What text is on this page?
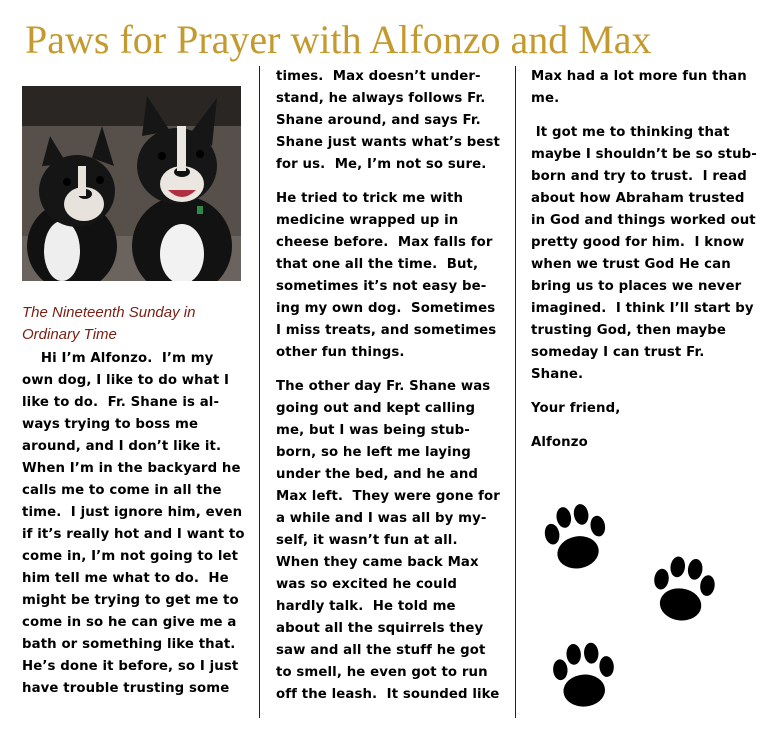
Paws for Prayer with Alfonzo and Max
The Nineteenth Sunday in
Ordinary Time

Hi I’m Alfonzo.  I’m my
own dog, I like to do what I
like to do.  Fr. Shane is al-
ways trying to boss me
around, and I don’t like it.
When I’m in the backyard he
calls me to come in all the
time.  I just ignore him, even
if it’s really hot and I want to
come in, I’m not going to let
him tell me what to do.  He
might be trying to get me to
come in so he can give me a
bath or something like that.
He’s done it before, so I just
have trouble trusting some

times.  Max doesn’t under-
stand, he always follows Fr.
Shane around, and says Fr.
Shane just wants what’s best
for us.  Me, I’m not so sure.

He tried to trick me with
medicine wrapped up in
cheese before.  Max falls for
that one all the time.  But,
sometimes it’s not easy be-
ing my own dog.  Sometimes
I miss treats, and sometimes
other fun things.

The other day Fr. Shane was
going out and kept calling
me, but I was being stub-
born, so he left me laying
under the bed, and he and
Max left.  They were gone for
a while and I was all by my-
self, it wasn’t fun at all.
When they came back Max
was so excited he could
hardly talk.  He told me
about all the squirrels they
saw and all the stuff he got
to smell, he even got to run
off the leash.  It sounded like

Max had a lot more fun than
me.

It got me to thinking that
maybe I shouldn’t be so stub-
born and try to trust.  I read
about how Abraham trusted
in God and things worked out
pretty good for him.  I know
when we trust God He can
bring us to places we never
imagined.  I think I’ll start by
trusting God, then maybe
someday I can trust Fr.
Shane.

Your friend,

Alfonzo
